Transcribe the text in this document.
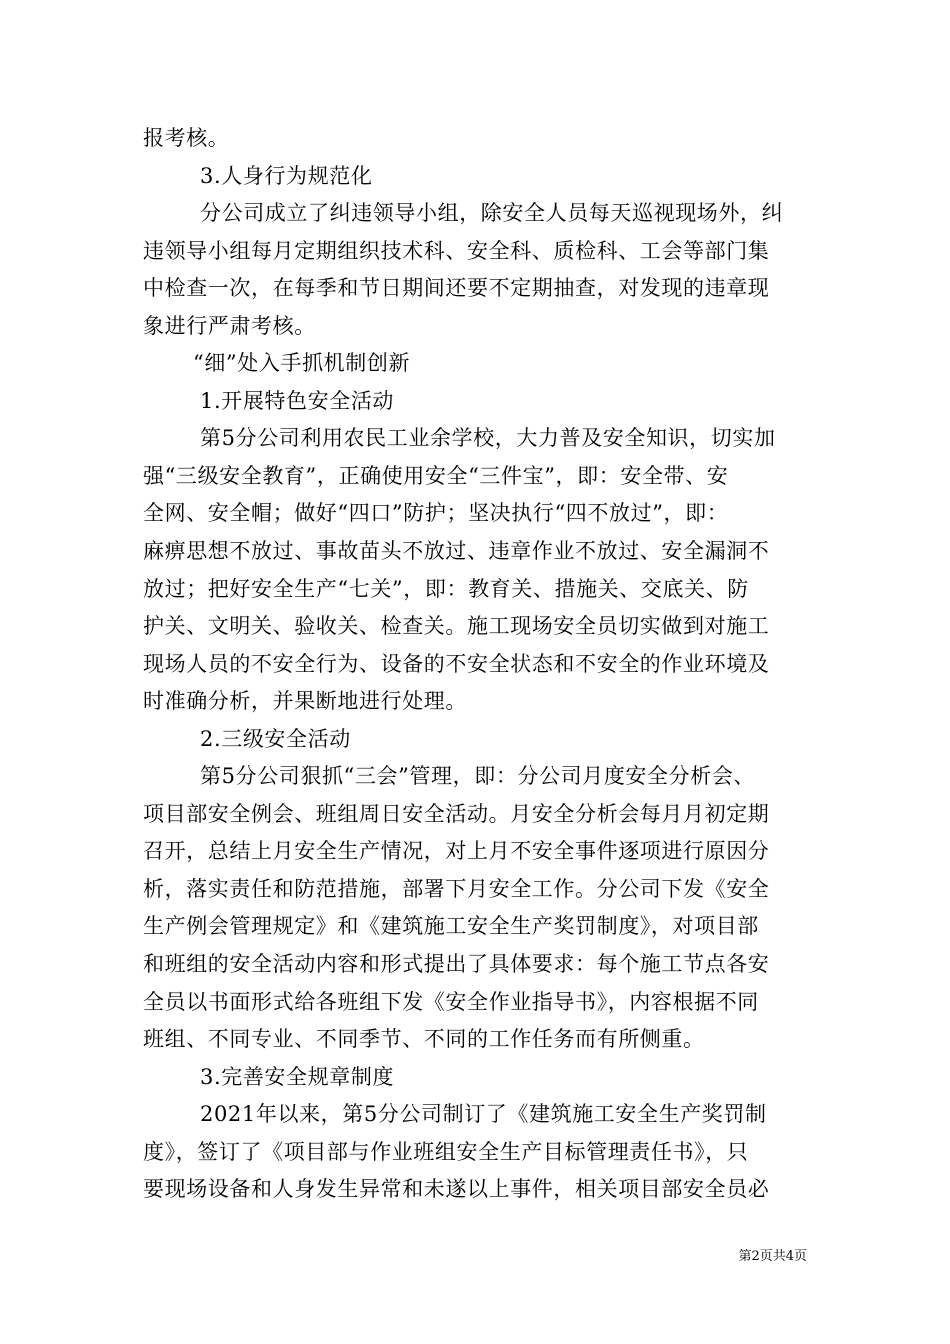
报考核。
3.人身行为规范化
分公司成立了纠违领导小组，除安全人员每天巡视现场外，纠
违领导小组每月定期组织技术科、安全科、质检科、工会等部门集
中检查一次，在每季和节日期间还要不定期抽查，对发现的违章现
象进行严肃考核。
“细”处入手抓机制创新
1.开展特色安全活动
第5分公司利用农民工业余学校，大力普及安全知识，切实加
强“三级安全教育”，正确使用安全“三件宝”，即：安全带、安
全网、安全帽；做好“四口”防护；坚决执行“四不放过”，即：
麻痹思想不放过、事故苗头不放过、违章作业不放过、安全漏洞不
放过；把好安全生产“七关”，即：教育关、措施关、交底关、防
护关、文明关、验收关、检查关。施工现场安全员切实做到对施工
现场人员的不安全行为、设备的不安全状态和不安全的作业环境及
时准确分析，并果断地进行处理。
2.三级安全活动
第5分公司狠抓“三会”管理，即：分公司月度安全分析会、
项目部安全例会、班组周日安全活动。月安全分析会每月月初定期
召开，总结上月安全生产情况，对上月不安全事件逐项进行原因分
析，落实责任和防范措施，部署下月安全工作。分公司下发《安全
生产例会管理规定》和《建筑施工安全生产奖罚制度》，对项目部
和班组的安全活动内容和形式提出了具体要求：每个施工节点各安
全员以书面形式给各班组下发《安全作业指导书》，内容根据不同
班组、不同专业、不同季节、不同的工作任务而有所侧重。
3.完善安全规章制度
2021年以来，第5分公司制订了《建筑施工安全生产奖罚制
度》，签订了《项目部与作业班组安全生产目标管理责任书》，只
要现场设备和人身发生异常和未遂以上事件，相关项目部安全员必
第2页共4页
